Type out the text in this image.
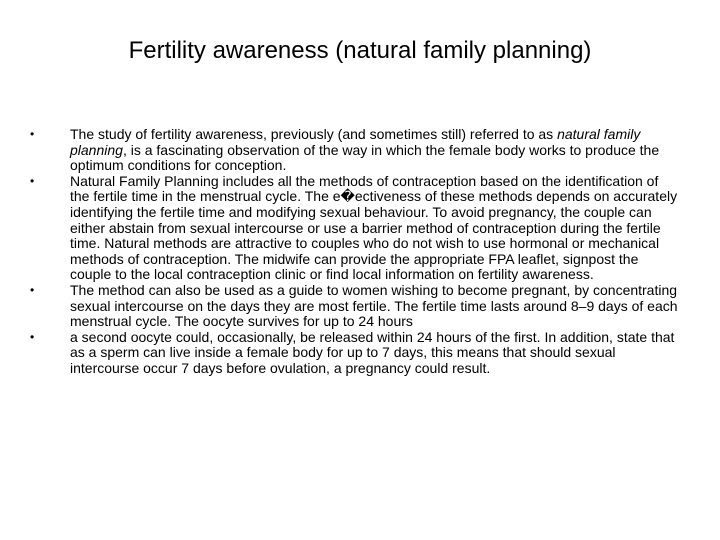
Fertility awareness (natural family planning)
•	The study of fertility awareness, previously (and sometimes still) referred to as natural family planning, is a fascinating observation of the way in which the female body works to produce the optimum conditions for conception.
•	Natural Family Planning includes all the methods of contraception based on the identification of the fertile time in the menstrual cycle. The e�ectiveness of these methods depends on accurately identifying the fertile time and modifying sexual behaviour. To avoid pregnancy, the couple can either abstain from sexual intercourse or use a barrier method of contraception during the fertile time. Natural methods are attractive to couples who do not wish to use hormonal or mechanical methods of contraception. The midwife can provide the appropriate FPA leaflet, signpost the couple to the local contraception clinic or find local information on fertility awareness.
•	The method can also be used as a guide to women wishing to become pregnant, by concentrating sexual intercourse on the days they are most fertile. The fertile time lasts around 8–9 days of each menstrual cycle. The oocyte survives for up to 24 hours
•	a second oocyte could, occasionally, be released within 24 hours of the first. In addition, state that as a sperm can live inside a female body for up to 7 days, this means that should sexual intercourse occur 7 days before ovulation, a pregnancy could result.
